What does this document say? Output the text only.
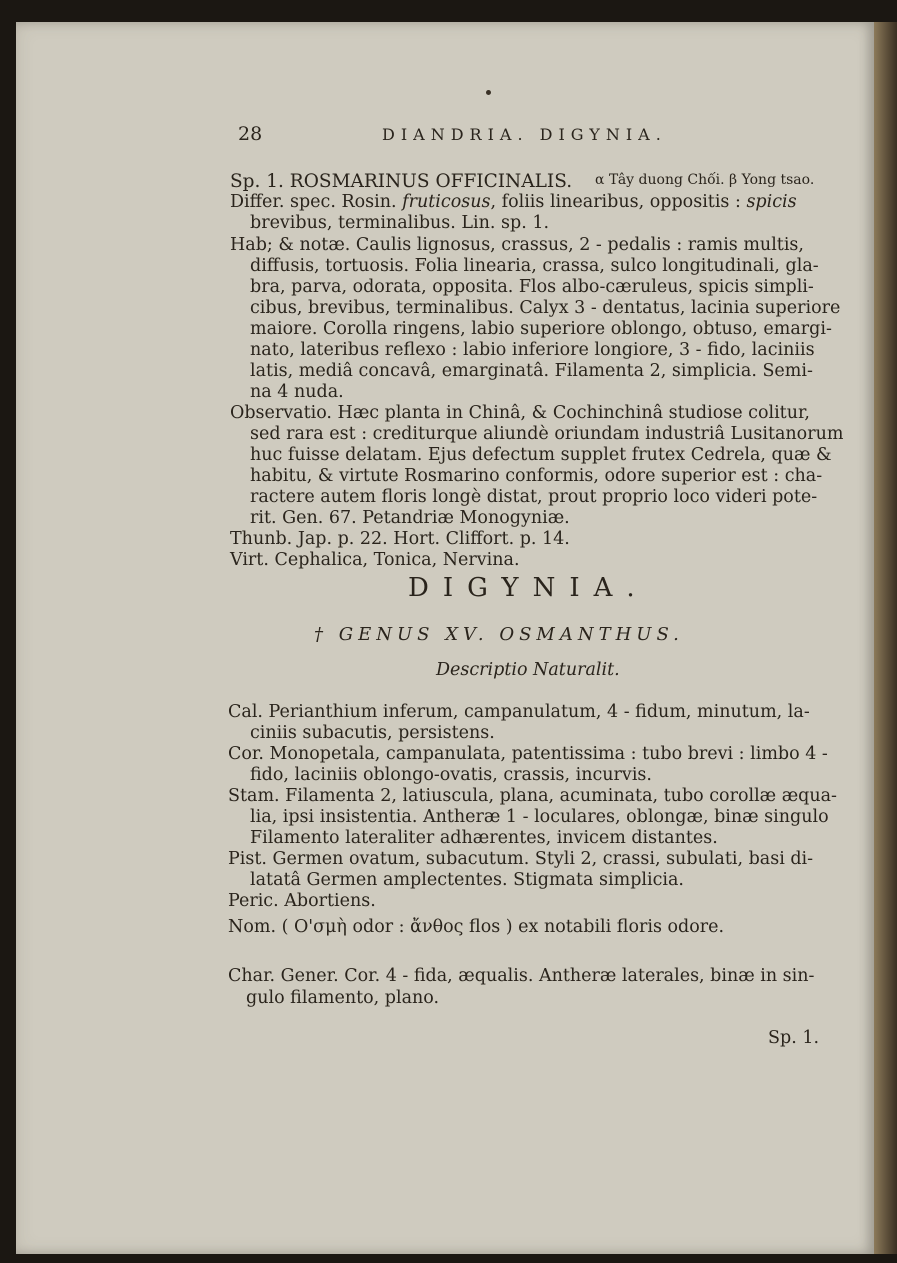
28	DIANDRIA. DIGYNIA.
Sp. 1. ROSMARINUS OFFICINALIS. α Tây duong Chối. β Yong tsao.
Differ. spec. Rosin. fruticosus, foliis linearibus, oppositis : spicis
brevibus, terminalibus. Lin. sp. 1.
Hab; & notæ. Caulis lignosus, crassus, 2 - pedalis : ramis multis,
diffusis, tortuosis. Folia linearia, crassa, sulco longitudinali, gla-
bra, parva, odorata, opposita. Flos albo-cæruleus, spicis simpli-
cibus, brevibus, terminalibus. Calyx 3 - dentatus, lacinia superiore
maiore. Corolla ringens, labio superiore oblongo, obtuso, emargi-
nato, lateribus reflexo : labio inferiore longiore, 3 - fido, laciniis
latis, mediâ concavâ, emarginatâ. Filamenta 2, simplicia. Semi-
na 4 nuda.
Observatio. Hæc planta in Chinâ, & Cochinchinâ studiose colitur,
sed rara est : crediturque aliundè oriundam industriâ Lusitanorum
huc fuisse delatam. Ejus defectum supplet frutex Cedrela, quæ &
habitu, & virtute Rosmarino conformis, odore superior est : cha-
ractere autem floris longè distat, prout proprio loco videri pote-
rit. Gen. 67. Petandriæ Monogyniæ.
Thunb. Jap. p. 22. Hort. Cliffort. p. 14.
Virt. Cephalica, Tonica, Nervina.
DIGYNIA.
† GENUS XV. OSMANTHUS.
Descriptio Naturalit.
Cal. Perianthium inferum, campanulatum, 4 - fidum, minutum, la-
ciniis subacutis, persistens.
Cor. Monopetala, campanulata, patentissima : tubo brevi : limbo 4 -
fido, laciniis oblongo-ovatis, crassis, incurvis.
Stam. Filamenta 2, latiuscula, plana, acuminata, tubo corollæ æqua-
lia, ipsi insistentia. Antheræ 1 - loculares, oblongæ, binæ singulo
Filamento lateraliter adhærentes, invicem distantes.
Pist. Germen ovatum, subacutum. Styli 2, crassi, subulati, basi di-
latatâ Germen amplectentes. Stigmata simplicia.
Peric. Abortiens.
Nom. ( Ο'σμὴ odor : ἄνθος flos ) ex notabili floris odore.
Char. Gener. Cor. 4 - fida, æqualis. Antheræ laterales, binæ in sin-
gulo filamento, plano.
Sp. 1.
